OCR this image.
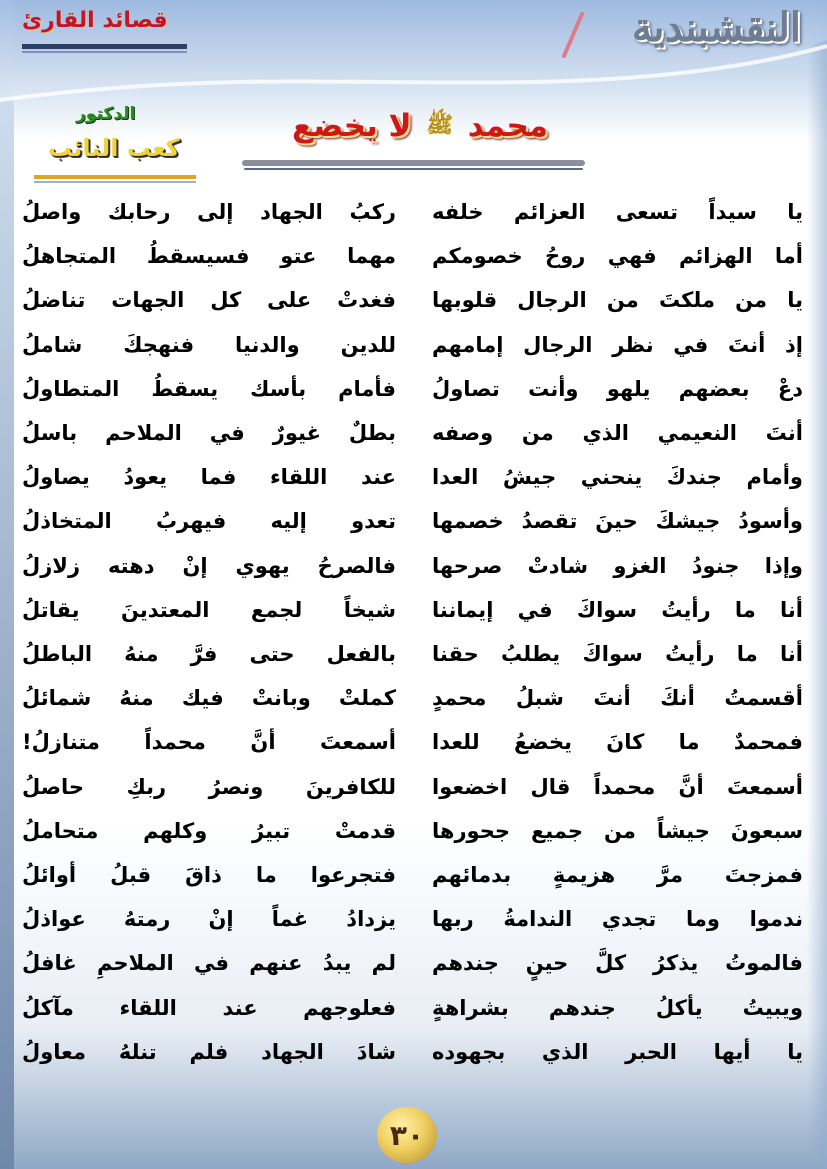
قصائد القارئ	النقشبندية
محمد ﷺ لا يخضع
الدكتور
كعب النائب
يا سيداً تسعى العزائم خلفه
ركبُ الجهاد إلى رحابك واصلُ
أما الهزائم فهي روحُ خصومكم
مهما عتو فسيسقطُ المتجاهلُ
يا من ملكتَ من الرجال قلوبها
فغدتْ على كل الجهات تناضلُ
إذ أنتَ في نظر الرجال إمامهم
للدين والدنيا فنهجكَ شاملُ
دعْ بعضهم يلهو وأنت تصاولُ
فأمام بأسك يسقطُ المتطاولُ
أنتَ النعيمي الذي من وصفه
بطلٌ غيورٌ في الملاحم باسلُ
وأمام جندكَ ينحني جيشُ العدا
عند اللقاء فما يعودُ يصاولُ
وأسودُ جيشكَ حينَ تقصدُ خصمها
تعدو إليه فيهربُ المتخاذلُ
وإذا جنودُ الغزو شادتْ صرحها
فالصرحُ يهوي إنْ دهته زلازلُ
أنا ما رأيتُ سواكَ في إيماننا
شيخاً لجمع المعتدينَ يقاتلُ
أنا ما رأيتُ سواكَ يطلبُ حقنا
بالفعل حتى فرَّ منهُ الباطلُ
أقسمتُ أنكَ أنتَ شبلُ محمدٍ
كملتْ وبانتْ فيك منهُ شمائلُ
فمحمدٌ ما كانَ يخضعُ للعدا
أسمعتَ أنَّ محمداً متنازلُ!
أسمعتَ أنَّ محمداً قال اخضعوا
للكافرينَ ونصرُ ربكِ حاصلُ
سبعونَ جيشاً من جميع جحورها
قدمتْ تبيرُ وكلهم متحاملُ
فمزجتَ مرَّ هزيمةٍ بدمائهم
فتجرعوا ما ذاقَ قبلُ أوائلُ
ندموا وما تجدي الندامةُ ربها
يزدادُ غماً إنْ رمتهُ عواذلُ
فالموتُ يذكرُ كلَّ حينٍ جندهم
لم يبدُ عنهم في الملاحمِ غافلُ
ويبيتُ يأكلُ جندهم بشراهةٍ
فعلوجهم عند اللقاء مآكلُ
يا أيها الحبر الذي بجهوده
شادَ الجهاد فلم تنلهُ معاولُ
٣٠
